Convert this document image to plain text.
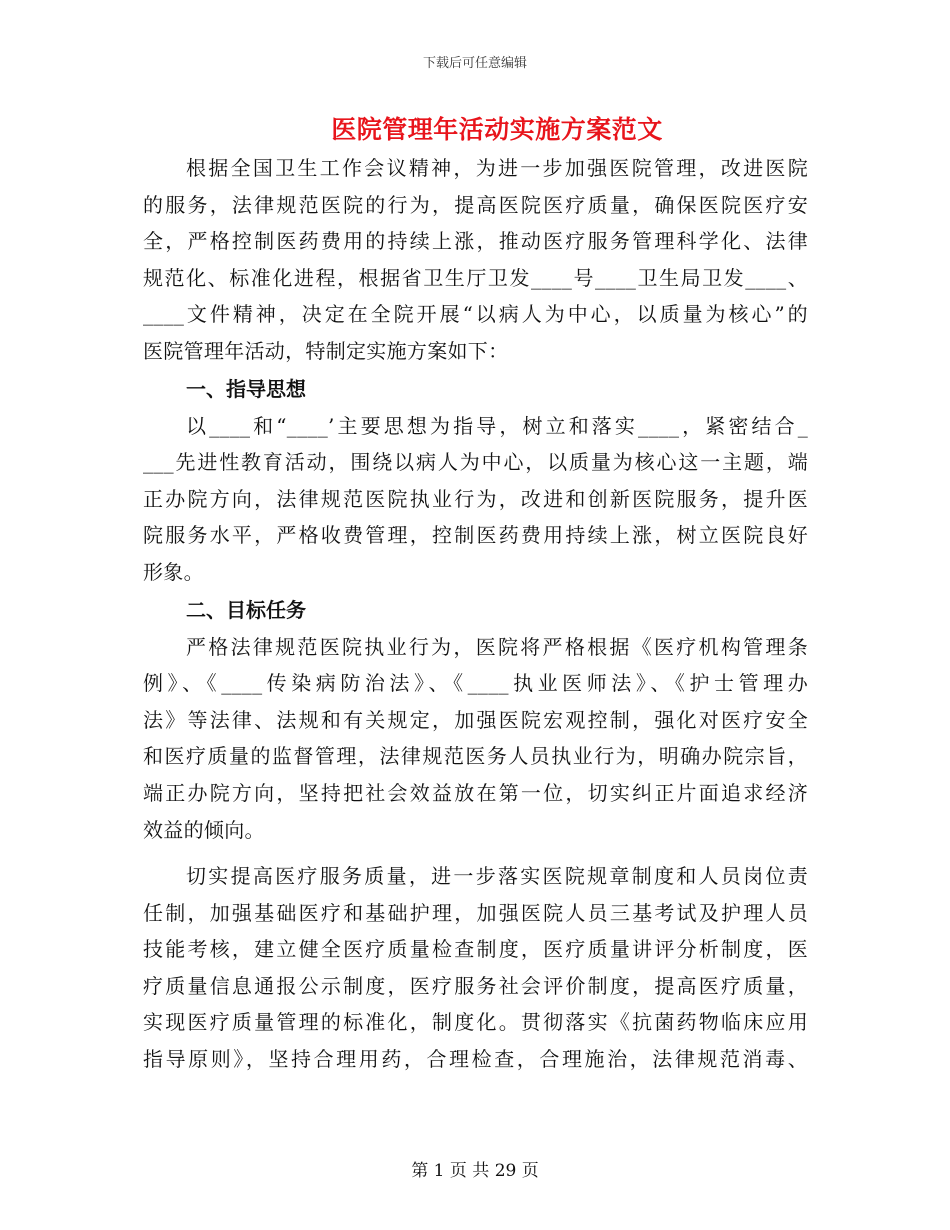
下载后可任意编辑
医院管理年活动实施方案范文
根据全国卫生工作会议精神，为进一步加强医院管理，改进医院
的服务，法律规范医院的行为，提高医院医疗质量，确保医院医疗安
全，严格控制医药费用的持续上涨，推动医疗服务管理科学化、法律
规范化、标准化进程，根据省卫生厅卫发____号____卫生局卫发____、
____文件精神，决定在全院开展“以病人为中心，以质量为核心”的
医院管理年活动，特制定实施方案如下：
一、指导思想
以____和“____’主要思想为指导，树立和落实____，紧密结合_
___先进性教育活动，围绕以病人为中心，以质量为核心这一主题，端
正办院方向，法律规范医院执业行为，改进和创新医院服务，提升医
院服务水平，严格收费管理，控制医药费用持续上涨，树立医院良好
形象。
二、目标任务
严格法律规范医院执业行为，医院将严格根据《医疗机构管理条
例》、《____传染病防治法》、《____执业医师法》、《护士管理办
法》等法律、法规和有关规定，加强医院宏观控制，强化对医疗安全
和医疗质量的监督管理，法律规范医务人员执业行为，明确办院宗旨，
端正办院方向，坚持把社会效益放在第一位，切实纠正片面追求经济
效益的倾向。
切实提高医疗服务质量，进一步落实医院规章制度和人员岗位责
任制，加强基础医疗和基础护理，加强医院人员三基考试及护理人员
技能考核，建立健全医疗质量检查制度，医疗质量讲评分析制度，医
疗质量信息通报公示制度，医疗服务社会评价制度，提高医疗质量，
实现医疗质量管理的标准化，制度化。贯彻落实《抗菌药物临床应用
指导原则》，坚持合理用药，合理检查，合理施治，法律规范消毒、
第 1 页 共 29 页
